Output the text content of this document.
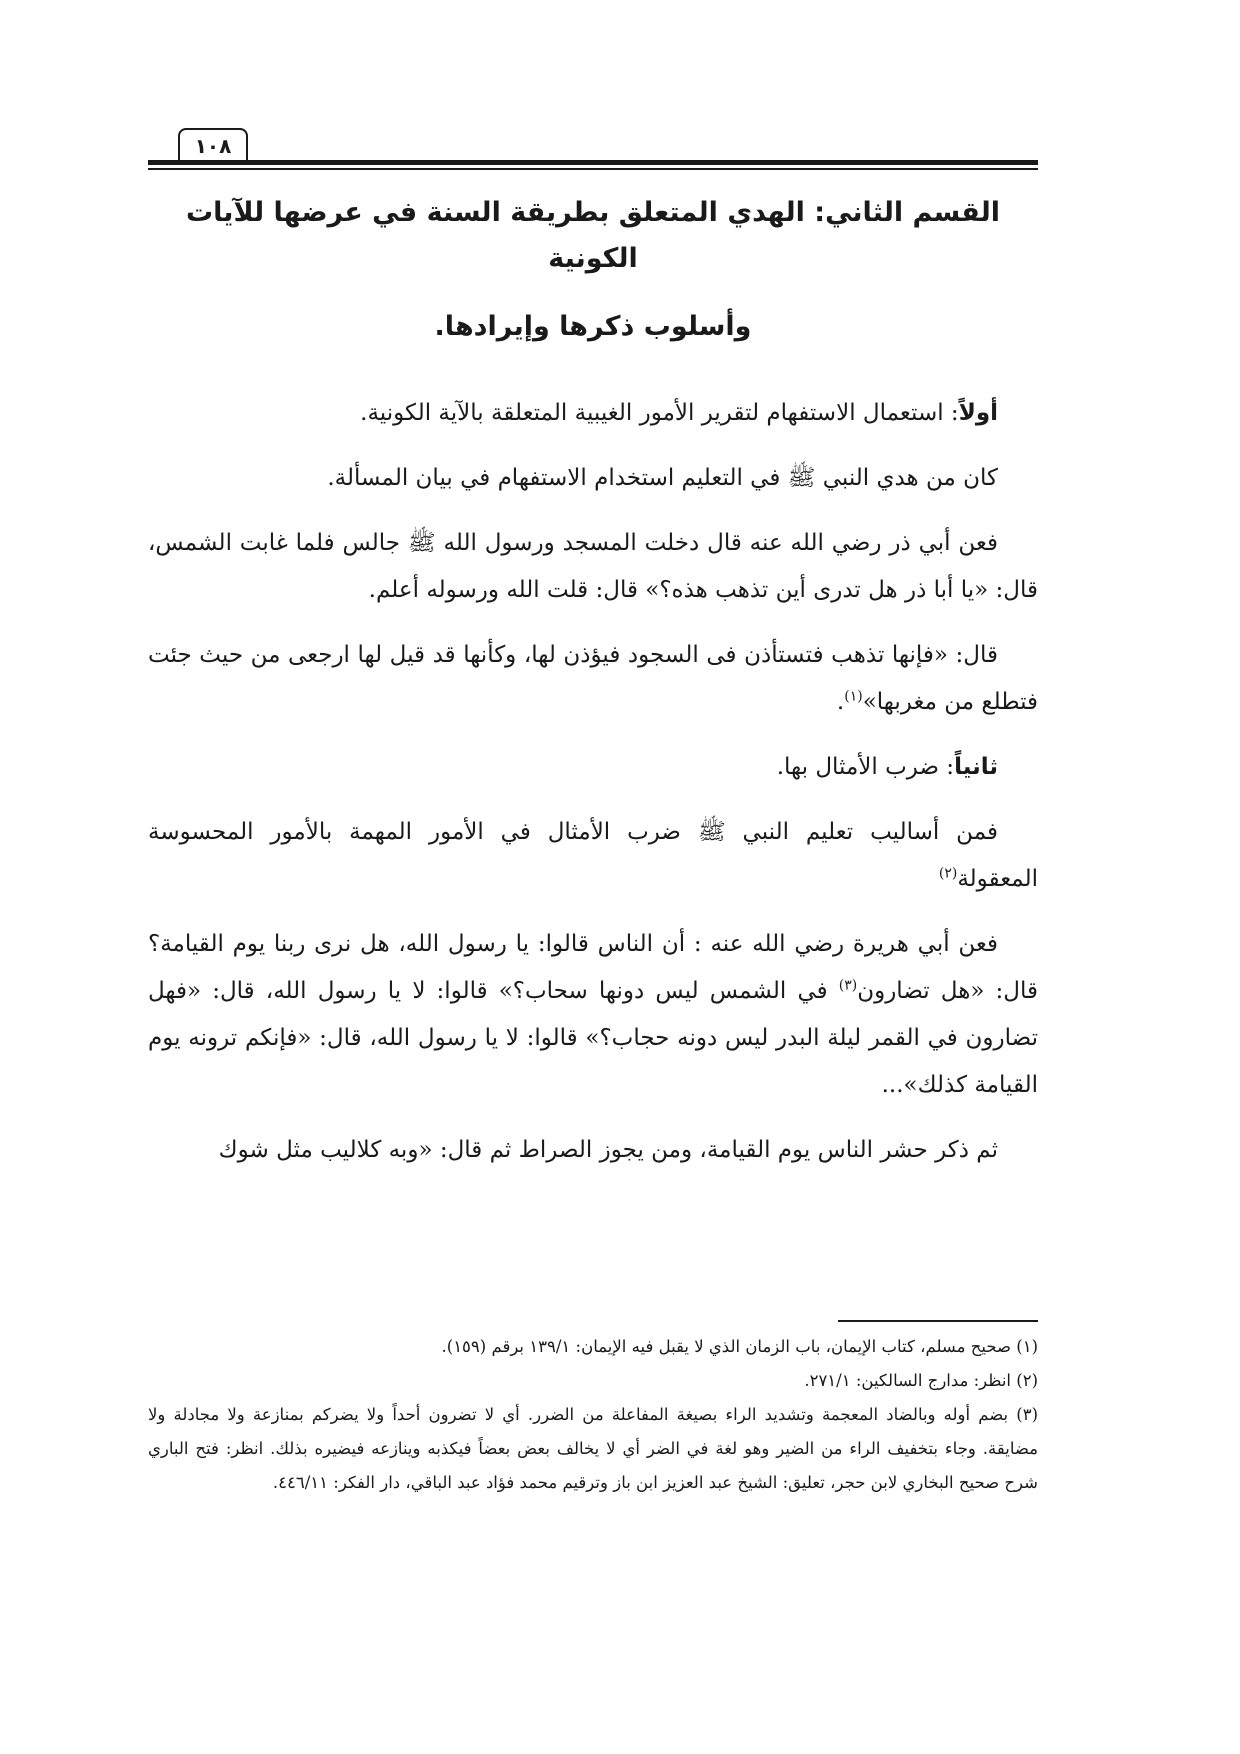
١٠٨
القسم الثاني: الهدي المتعلق بطريقة السنة في عرضها للآيات الكونية
وأسلوب ذكرها وإيرادها.

أولاً: استعمال الاستفهام لتقرير الأمور الغيبية المتعلقة بالآية الكونية.

كان من هدي النبي ﷺ في التعليم استخدام الاستفهام في بيان المسألة.

فعن أبي ذر رضي الله عنه قال دخلت المسجد ورسول الله ﷺ جالس فلما غابت الشمس، قال: «يا أبا ذر هل تدرى أين تذهب هذه؟» قال: قلت الله ورسوله أعلم.

قال: «فإنها تذهب فتستأذن فى السجود فيؤذن لها، وكأنها قد قيل لها ارجعى من حيث جئت فتطلع من مغربها»$^{(١)}$.

ثانياً: ضرب الأمثال بها.

فمن أساليب تعليم النبي ﷺ ضرب الأمثال في الأمور المهمة بالأمور المحسوسة المعقولة$^{(٢)}$

فعن أبي هريرة رضي الله عنه : أن الناس قالوا: يا رسول الله، هل نرى ربنا يوم القيامة؟ قال: «هل تضارون$^{(٣)}$ في الشمس ليس دونها سحاب؟» قالوا: لا يا رسول الله، قال: «فهل تضارون في القمر ليلة البدر ليس دونه حجاب؟» قالوا: لا يا رسول الله، قال: «فإنكم ترونه يوم القيامة كذلك»...

ثم ذكر حشر الناس يوم القيامة، ومن يجوز الصراط ثم قال: «وبه كلاليب مثل شوك

(١) صحيح مسلم، كتاب الإيمان، باب الزمان الذي لا يقبل فيه الإيمان: ١٣٩/١ برقم (١٥٩).

(٢) انظر: مدارج السالكين: ٢٧١/١.

(٣) بضم أوله وبالضاد المعجمة وتشديد الراء بصيغة المفاعلة من الضرر. أي لا تضرون أحداً ولا يضركم بمنازعة ولا مجادلة ولا مضايقة. وجاء بتخفيف الراء من الضير وهو لغة في الضر أي لا يخالف بعض بعضاً فيكذبه وينازعه فيضيره بذلك. انظر: فتح الباري شرح صحيح البخاري لابن حجر، تعليق: الشيخ عبد العزيز ابن باز وترقيم محمد فؤاد عبد الباقي، دار الفكر: ٤٤٦/١١.
